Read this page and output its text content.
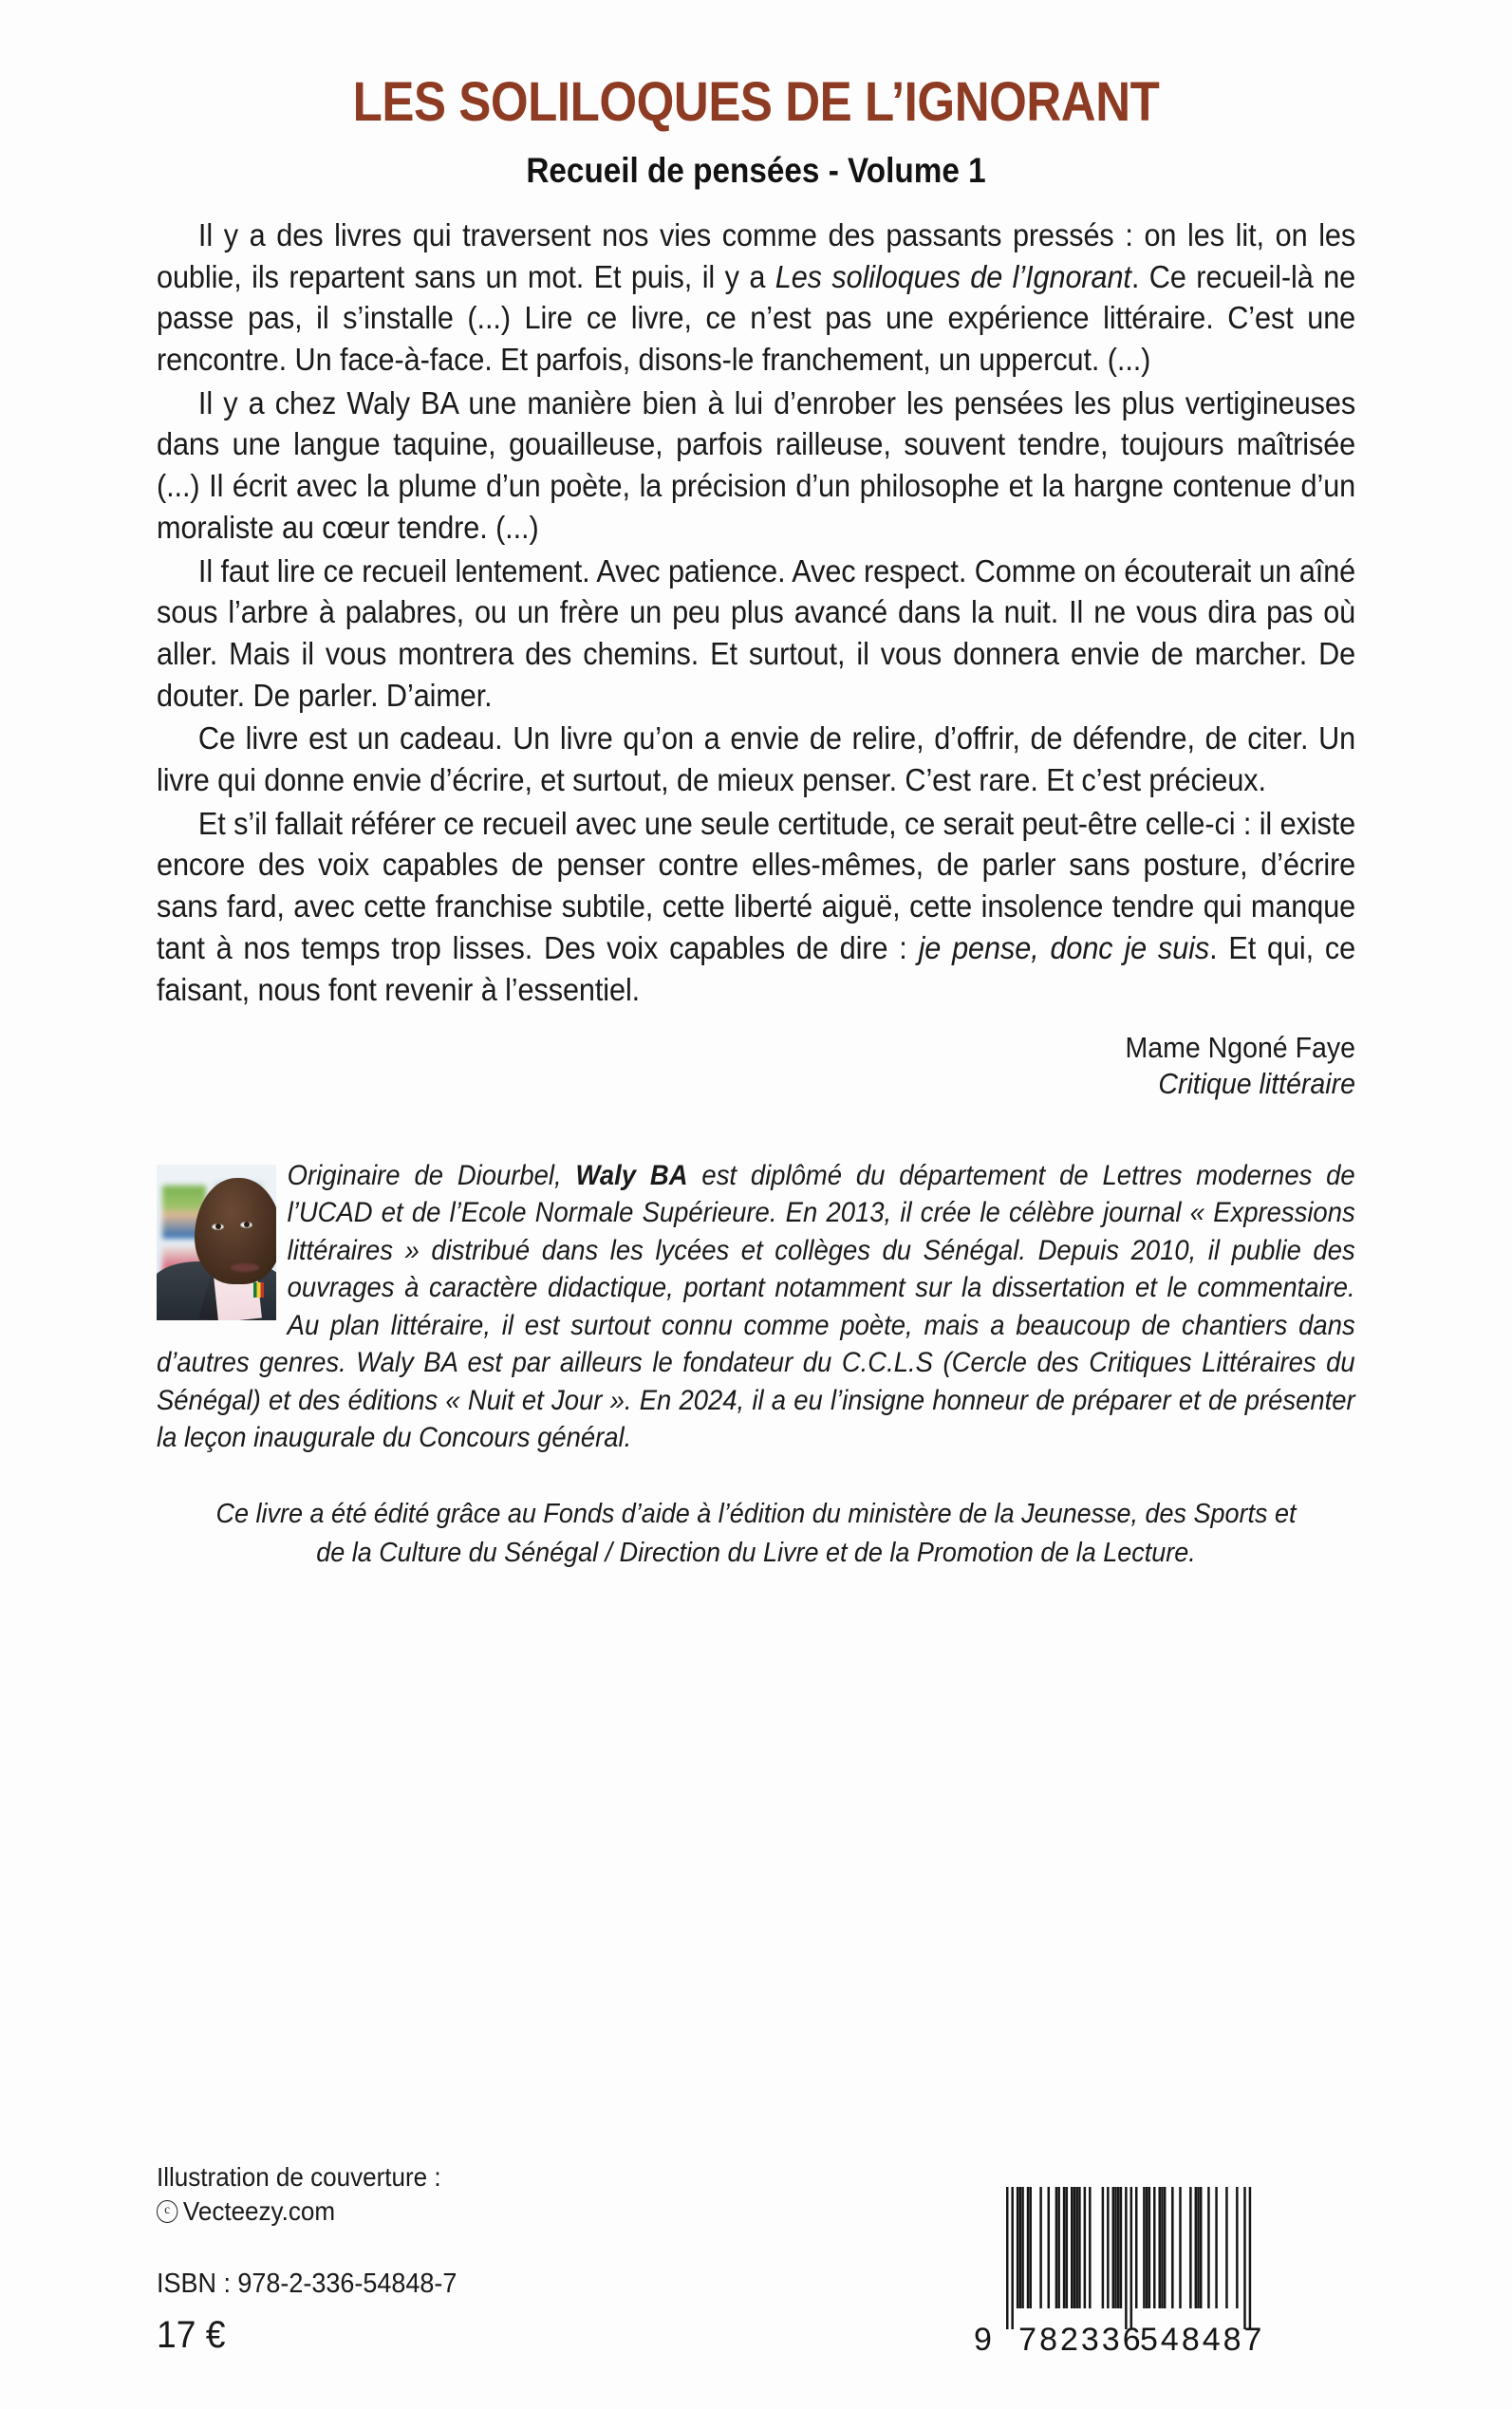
LES SOLILOQUES DE L’IGNORANT
Recueil de pensées - Volume 1

Il y a des livres qui traversent nos vies comme des passants pressés : on les lit, on les oublie, ils repartent sans un mot. Et puis, il y a Les soliloques de l’Ignorant. Ce recueil-là ne passe pas, il s’installe (...) Lire ce livre, ce n’est pas une expérience littéraire. C’est une rencontre. Un face-à-face. Et parfois, disons-le franchement, un uppercut. (...)

Il y a chez Waly BA une manière bien à lui d’enrober les pensées les plus vertigineuses dans une langue taquine, gouailleuse, parfois railleuse, souvent tendre, toujours maîtrisée (...) Il écrit avec la plume d’un poète, la précision d’un philosophe et la hargne contenue d’un moraliste au cœur tendre. (...)

Il faut lire ce recueil lentement. Avec patience. Avec respect. Comme on écouterait un aîné sous l’arbre à palabres, ou un frère un peu plus avancé dans la nuit. Il ne vous dira pas où aller. Mais il vous montrera des chemins. Et surtout, il vous donnera envie de marcher. De douter. De parler. D’aimer.

Ce livre est un cadeau. Un livre qu’on a envie de relire, d’offrir, de défendre, de citer. Un livre qui donne envie d’écrire, et surtout, de mieux penser. C’est rare. Et c’est précieux.

Et s’il fallait référer ce recueil avec une seule certitude, ce serait peut-être celle-ci : il existe encore des voix capables de penser contre elles-mêmes, de parler sans posture, d’écrire sans fard, avec cette franchise subtile, cette liberté aiguë, cette insolence tendre qui manque tant à nos temps trop lisses. Des voix capables de dire : je pense, donc je suis. Et qui, ce faisant, nous font revenir à l’essentiel.

Mame Ngoné Faye
Critique littéraire

Originaire de Diourbel, Waly BA est diplômé du département de Lettres modernes de l’UCAD et de l’Ecole Normale Supérieure. En 2013, il crée le célèbre journal « Expressions littéraires » distribué dans les lycées et collèges du Sénégal. Depuis 2010, il publie des ouvrages à caractère didactique, portant notamment sur la dissertation et le commentaire. Au plan littéraire, il est surtout connu comme poète, mais a beaucoup de chantiers dans d’autres genres. Waly BA est par ailleurs le fondateur du C.C.L.S (Cercle des Critiques Littéraires du Sénégal) et des éditions « Nuit et Jour ». En 2024, il a eu l’insigne honneur de préparer et de présenter la leçon inaugurale du Concours général.

Ce livre a été édité grâce au Fonds d’aide à l’édition du ministère de la Jeunesse, des Sports et
de la Culture du Sénégal / Direction du Livre et de la Promotion de la Lecture.
Illustration de couverture :
c Vecteezy.com
ISBN : 978-2-336-54848-7
17 €	9 782336
548487
